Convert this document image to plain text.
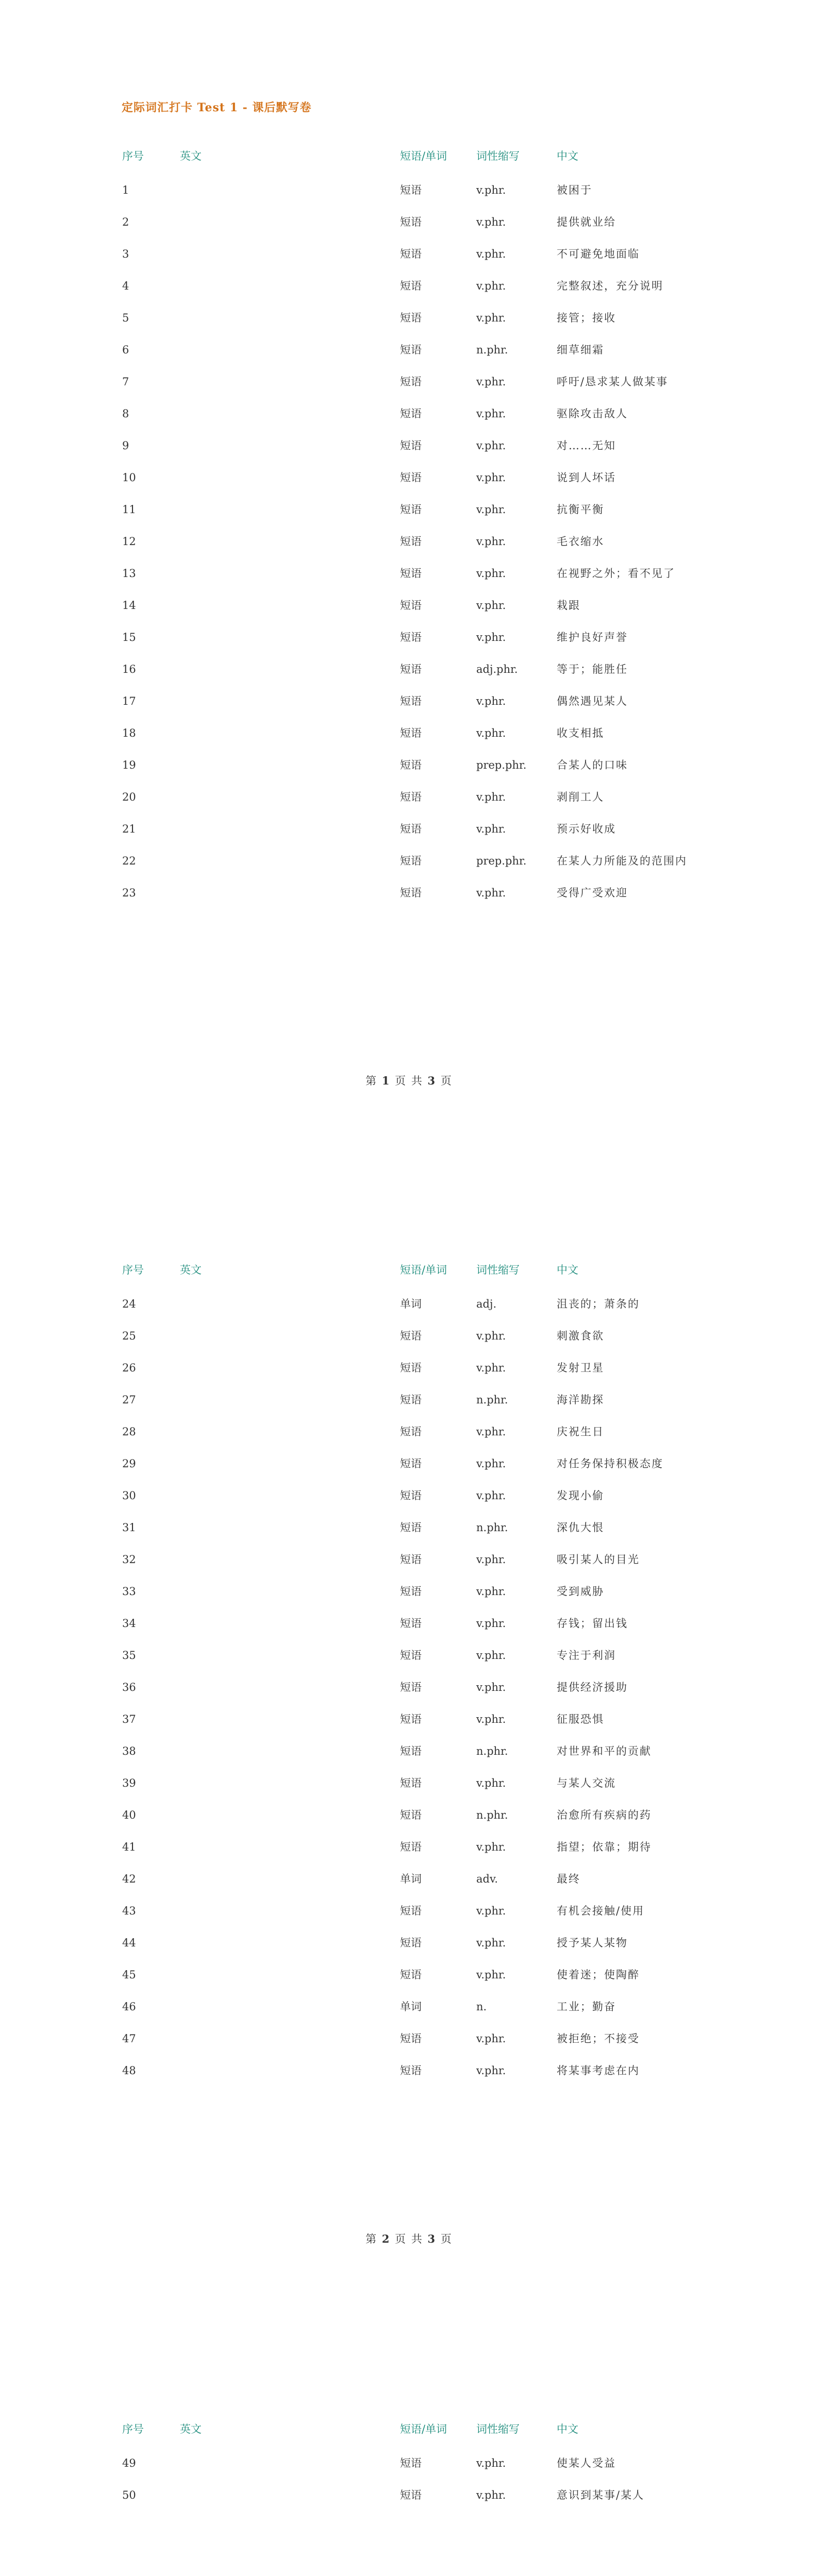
定际词汇打卡 Test 1 - 课后默写卷
序号	英文	短语/单词	词性缩写	中文
1		短语	v.phr.	被困于
2		短语	v.phr.	提供就业给
3		短语	v.phr.	不可避免地面临
4		短语	v.phr.	完整叙述，充分说明
5		短语	v.phr.	接管；接收
6		短语	n.phr.	细草细霜
7		短语	v.phr.	呼吁/恳求某人做某事
8		短语	v.phr.	驱除攻击敌人
9		短语	v.phr.	对……无知
10		短语	v.phr.	说到人坏话
11		短语	v.phr.	抗衡平衡
12		短语	v.phr.	毛衣缩水
13		短语	v.phr.	在视野之外；看不见了
14		短语	v.phr.	栽跟
15		短语	v.phr.	维护良好声誉
16		短语	adj.phr.	等于；能胜任
17		短语	v.phr.	偶然遇见某人
18		短语	v.phr.	收支相抵
19		短语	prep.phr.	合某人的口味
20		短语	v.phr.	剥削工人
21		短语	v.phr.	预示好收成
22		短语	prep.phr.	在某人力所能及的范围内
23		短语	v.phr.	受得广受欢迎
第 1 页 共 3 页
序号	英文	短语/单词	词性缩写	中文
24		单词	adj.	沮丧的；萧条的
25		短语	v.phr.	刺激食欲
26		短语	v.phr.	发射卫星
27		短语	n.phr.	海洋勘探
28		短语	v.phr.	庆祝生日
29		短语	v.phr.	对任务保持积极态度
30		短语	v.phr.	发现小偷
31		短语	n.phr.	深仇大恨
32		短语	v.phr.	吸引某人的目光
33		短语	v.phr.	受到威胁
34		短语	v.phr.	存钱；留出钱
35		短语	v.phr.	专注于利润
36		短语	v.phr.	提供经济援助
37		短语	v.phr.	征服恐惧
38		短语	n.phr.	对世界和平的贡献
39		短语	v.phr.	与某人交流
40		短语	n.phr.	治愈所有疾病的药
41		短语	v.phr.	指望；依靠；期待
42		单词	adv.	最终
43		短语	v.phr.	有机会接触/使用
44		短语	v.phr.	授予某人某物
45		短语	v.phr.	使着迷；使陶醉
46		单词	n.	工业；勤奋
47		短语	v.phr.	被拒绝；不接受
48		短语	v.phr.	将某事考虑在内
第 2 页 共 3 页
序号	英文	短语/单词	词性缩写	中文
49		短语	v.phr.	使某人受益
50		短语	v.phr.	意识到某事/某人
